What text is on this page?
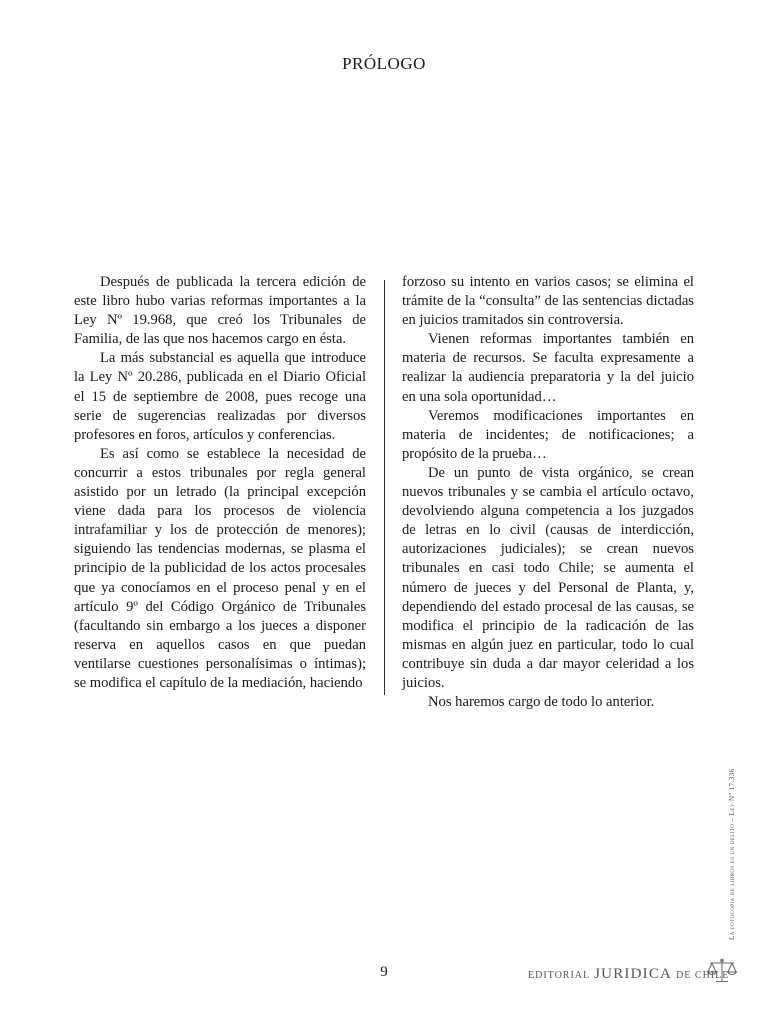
PRÓLOGO

Después de publicada la tercera edición de este libro hubo varias reformas importantes a la Ley Nº 19.968, que creó los Tribunales de Familia, de las que nos hacemos cargo en ésta.

La más substancial es aquella que introduce la Ley Nº 20.286, publicada en el Diario Oficial el 15 de septiembre de 2008, pues recoge una serie de sugerencias realizadas por diversos profesores en foros, artículos y conferencias.

Es así como se establece la necesidad de concurrir a estos tribunales por regla general asistido por un letrado (la principal excepción viene dada para los procesos de violencia intrafamiliar y los de protección de menores); siguiendo las tendencias modernas, se plasma el principio de la publicidad de los actos procesales que ya conocíamos en el proceso penal y en el artículo 9º del Código Orgánico de Tribunales (facultando sin embargo a los jueces a disponer reserva en aquellos casos en que puedan ventilarse cuestiones personalísimas o íntimas); se modifica el capítulo de la mediación, haciendo

forzoso su intento en varios casos; se elimina el trámite de la “consulta” de las sentencias dictadas en juicios tramitados sin controversia.

Vienen reformas importantes también en materia de recursos. Se faculta expresamente a realizar la audiencia preparatoria y la del juicio en una sola oportunidad…

Veremos modificaciones importantes en materia de incidentes; de notificaciones; a propósito de la prueba…

De un punto de vista orgánico, se crean nuevos tribunales y se cambia el artículo octavo, devolviendo alguna competencia a los juzgados de letras en lo civil (causas de interdicción, autorizaciones judiciales); se crean nuevos tribunales en casi todo Chile; se aumenta el número de jueces y del Personal de Planta, y, dependiendo del estado procesal de las causas, se modifica el principio de la radicación de las mismas en algún juez en particular, todo lo cual contribuye sin duda a dar mayor celeridad a los juicios.

Nos haremos cargo de todo lo anterior.

La fotocopia de libros es un delito – Ley Nº 17.336
9	EDITORIAL JURIDICA DE CHILE
